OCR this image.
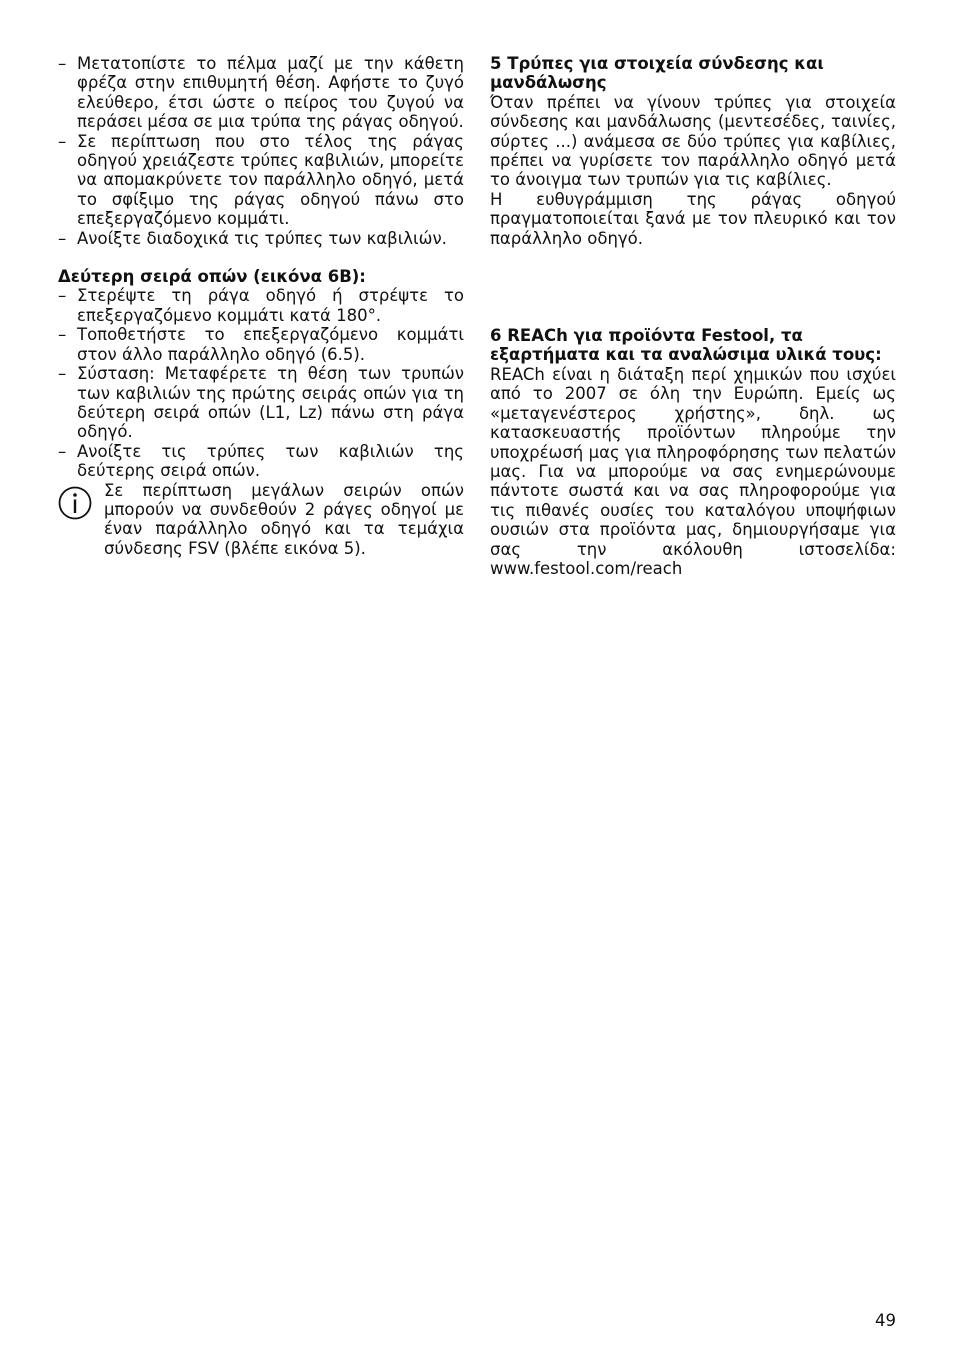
– Μετατοπίστε το πέλμα μαζί με την κάθετη φρέζα στην επιθυμητή θέση. Αφήστε το ζυγό ελεύθερο, έτσι ώστε ο πείρος του ζυγού να περάσει μέσα σε μια τρύπα της ράγας οδηγού.
– Σε περίπτωση που στο τέλος της ράγας οδηγού χρειάζεστε τρύπες καβιλιών, μπορείτε να απομακρύνετε τον παράλληλο οδηγό, μετά το σφίξιμο της ράγας οδηγού πάνω στο επεξεργαζόμενο κομμάτι.
– Ανοίξτε διαδοχικά τις τρύπες των καβιλιών.
Δεύτερη σειρά οπών (εικόνα 6B):
– Στερέψτε τη ράγα οδηγό ή στρέψτε το επεξεργαζόμενο κομμάτι κατά 180°.
– Τοποθετήστε το επεξεργαζόμενο κομμάτι στον άλλο παράλληλο οδηγό (6.5).
– Σύσταση: Μεταφέρετε τη θέση των τρυπών των καβιλιών της πρώτης σειράς οπών για τη δεύτερη σειρά οπών (L1, Lz) πάνω στη ράγα οδηγό.
– Ανοίξτε τις τρύπες των καβιλιών της δεύτερης σειρά οπών.
Σε περίπτωση μεγάλων σειρών οπών μπορούν να συνδεθούν 2 ράγες οδηγοί με έναν παράλληλο οδηγό και τα τεμάχια σύνδεσης FSV (βλέπε εικόνα 5).
5 Τρύπες για στοιχεία σύνδεσης και μανδάλωσης

Όταν πρέπει να γίνουν τρύπες για στοιχεία σύνδεσης και μανδάλωσης (μεντεσέδες, ταινίες, σύρτες ...) ανάμεσα σε δύο τρύπες για καβίλιες, πρέπει να γυρίσετε τον παράλληλο οδηγό μετά το άνοιγμα των τρυπών για τις καβίλιες.

Η ευθυγράμμιση της ράγας οδηγού πραγματοποιείται ξανά με τον πλευρικό και τον παράλληλο οδηγό.

6 REACh για προϊόντα Festool, τα εξαρτήματα και τα αναλώσιμα υλικά τους:

REACh είναι η διάταξη περί χημικών που ισχύει από το 2007 σε όλη την Ευρώπη. Εμείς ως «μεταγενέστερος χρήστης», δηλ. ως κατασκευαστής προϊόντων πληρούμε την υποχρέωσή μας για πληροφόρησης των πελατών μας. Για να μπορούμε να σας ενημερώνουμε πάντοτε σωστά και να σας πληροφορούμε για τις πιθανές ουσίες του καταλόγου υποψήφιων ουσιών στα προϊόντα μας, δημιουργήσαμε για σας την ακόλουθη ιστοσελίδα: www.festool.com/reach

49
